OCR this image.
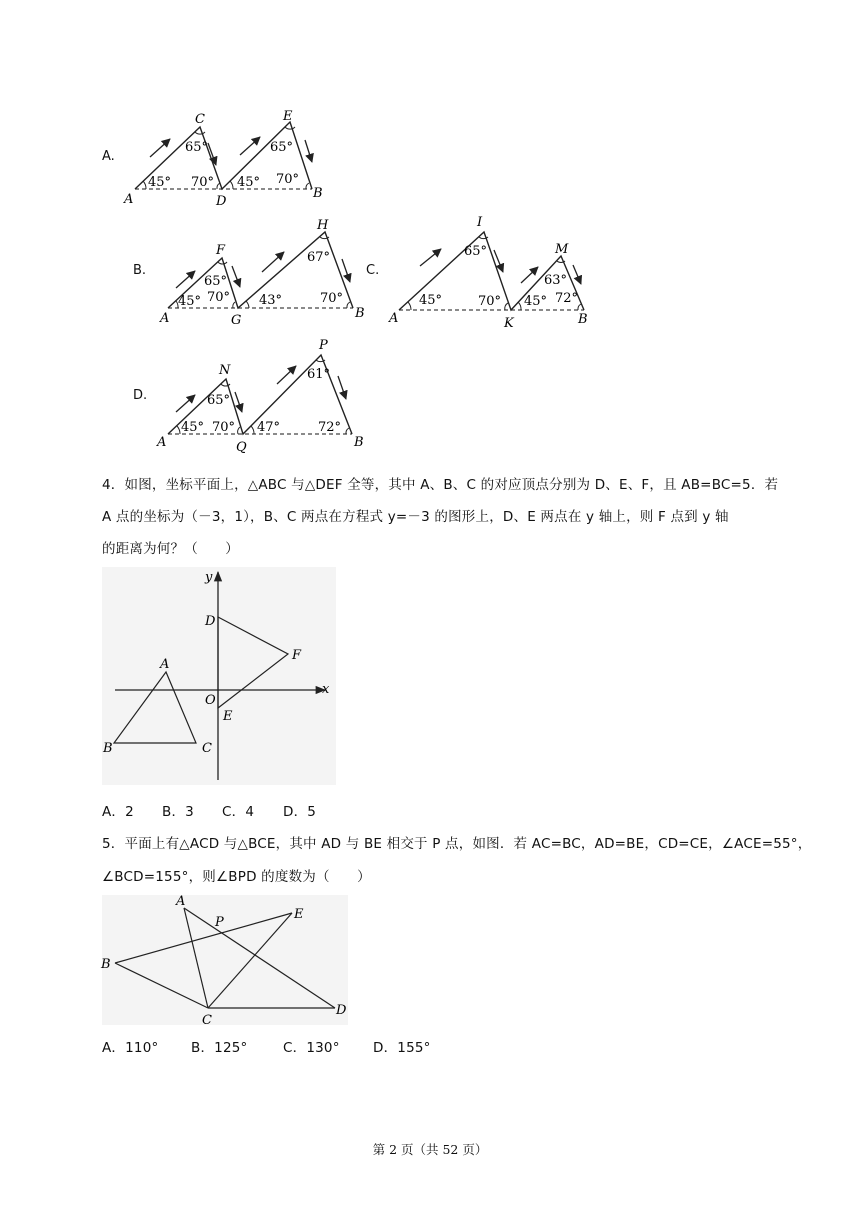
A.
A
C
D
E
B
45°
65°
70° 45°
65°
70°
B.
A
F
G
H
B
45°
65°
70° 43°
67°
70°
C.
A
I
K
M
B
45°
65°
70° 45°
63°
72°
D.
A
N
Q
P
B
45°
65°
70° 47°
61°
72°
4．如图，坐标平面上，△ABC 与△DEF 全等，其中 A、B、C 的对应顶点分别为 D、E、F，且 AB=BC=5．若
A 点的坐标为（－3，1），B、C 两点在方程式 y=－3 的图形上，D、E 两点在 y 轴上，则 F 点到 y 轴
的距离为何？（　　）
y
x
O
A
B	C
D
E
F
A．2 B．3 C．4 D．5
5．平面上有△ACD 与△BCE，其中 AD 与 BE 相交于 P 点，如图．若 AC=BC，AD=BE，CD=CE，∠ACE=55°，
∠BCD=155°，则∠BPD 的度数为（　　）
A
B
C
D
E
P
A．110° B．125°	C．130° D．155°
第 2 页（共 52 页）
